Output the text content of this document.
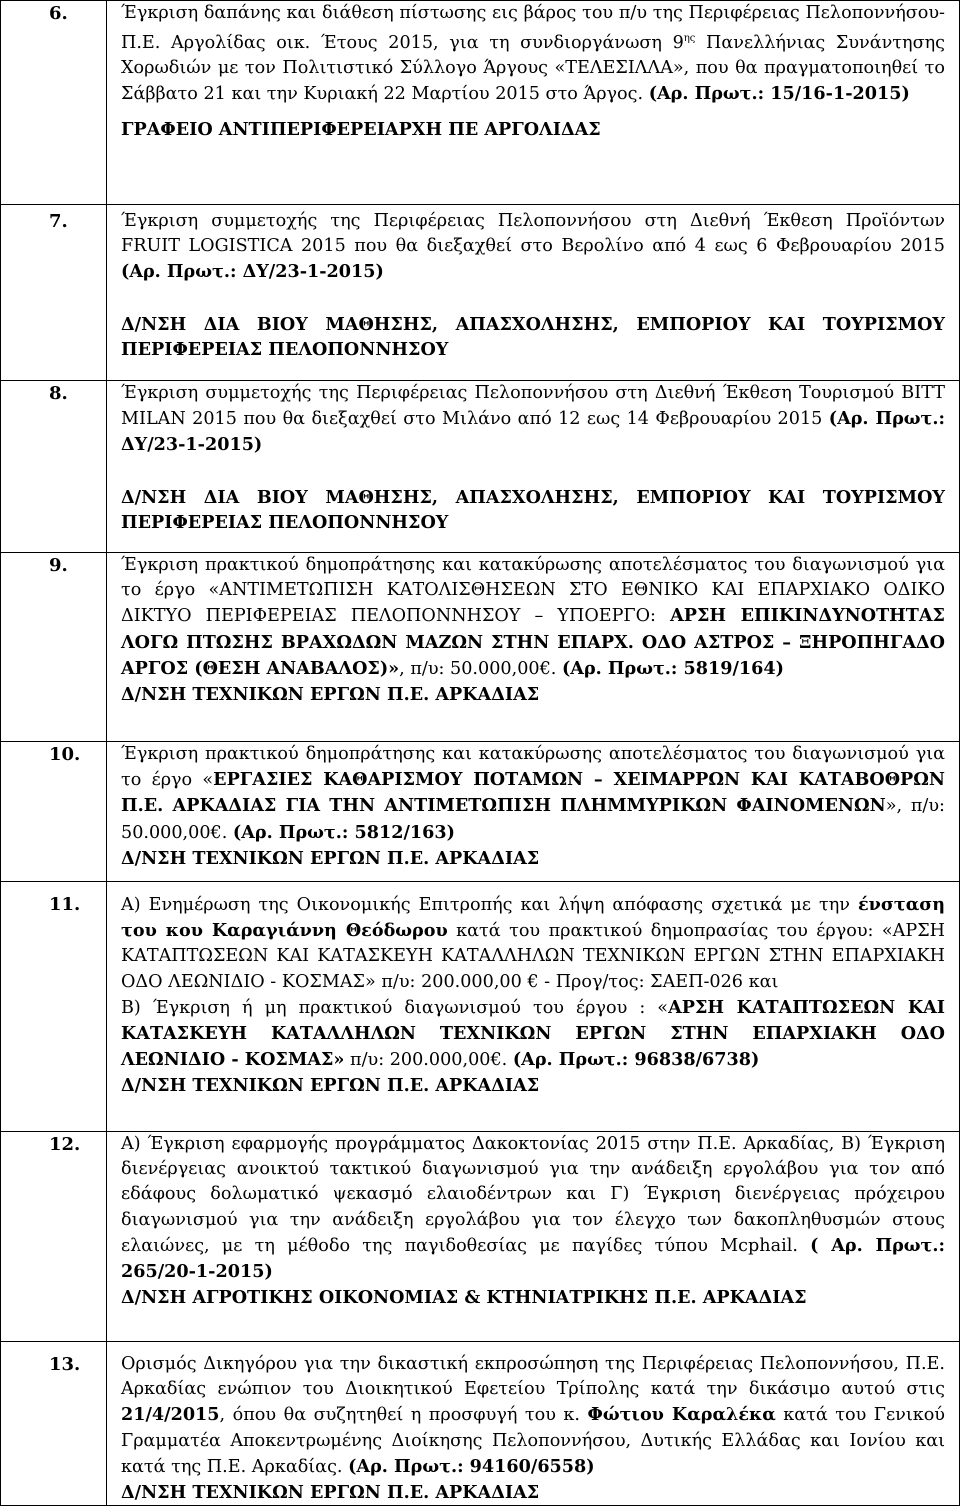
6.	Έγκριση δαπάνης και διάθεση πίστωσης εις βάρος του π/υ της Περιφέρειας Πελοποννήσου-Π.Ε. Αργολίδας οικ. Έτους 2015, για τη συνδιοργάνωση $9^{\eta\varsigma}$ Πανελλήνιας Συνάντησης Χορωδιών με τον Πολιτιστικό Σύλλογο Άργους «ΤΕΛΕΣΙΛΛΑ», που θα πραγματοποιηθεί το Σάββατο 21 και την Κυριακή 22 Μαρτίου 2015 στο Άργος. (Αρ. Πρωτ.: 15/16-1-2015)
ΓΡΑΦΕΙΟ ΑΝΤΙΠΕΡΙΦΕΡΕΙΑΡΧΗ ΠΕ ΑΡΓΟΛΙΔΑΣ

7.	Έγκριση συμμετοχής της Περιφέρειας Πελοποννήσου στη Διεθνή Έκθεση Προϊόντων FRUIT LOGISTICA 2015 που θα διεξαχθεί στο Βερολίνο από 4 εως 6 Φεβρουαρίου 2015 (Αρ. Πρωτ.: ΔΥ/23-1-2015)
Δ/ΝΣΗ ΔΙΑ ΒΙΟΥ ΜΑΘΗΣΗΣ, ΑΠΑΣΧΟΛΗΣΗΣ, ΕΜΠΟΡΙΟΥ ΚΑΙ ΤΟΥΡΙΣΜΟΥ ΠΕΡΙΦΕΡΕΙΑΣ ΠΕΛΟΠΟΝΝΗΣΟΥ

8.	Έγκριση συμμετοχής της Περιφέρειας Πελοποννήσου στη Διεθνή Έκθεση Τουρισμού BITT MILAN 2015 που θα διεξαχθεί στο Μιλάνο από 12 εως 14 Φεβρουαρίου 2015 (Αρ. Πρωτ.: ΔΥ/23-1-2015)
Δ/ΝΣΗ ΔΙΑ ΒΙΟΥ ΜΑΘΗΣΗΣ, ΑΠΑΣΧΟΛΗΣΗΣ, ΕΜΠΟΡΙΟΥ ΚΑΙ ΤΟΥΡΙΣΜΟΥ ΠΕΡΙΦΕΡΕΙΑΣ ΠΕΛΟΠΟΝΝΗΣΟΥ

9.	Έγκριση πρακτικού δημοπράτησης και κατακύρωσης αποτελέσματος του διαγωνισμού για το έργο «ΑΝΤΙΜΕΤΩΠΙΣΗ ΚΑΤΟΛΙΣΘΗΣΕΩΝ ΣΤΟ ΕΘΝΙΚΟ ΚΑΙ ΕΠΑΡΧΙΑΚΟ ΟΔΙΚΟ ΔΙΚΤΥΟ ΠΕΡΙΦΕΡΕΙΑΣ ΠΕΛΟΠΟΝΝΗΣΟΥ – ΥΠΟΕΡΓΟ: ΑΡΣΗ ΕΠΙΚΙΝΔΥΝΟΤΗΤΑΣ ΛΟΓΩ ΠΤΩΣΗΣ ΒΡΑΧΩΔΩΝ ΜΑΖΩΝ ΣΤΗΝ ΕΠΑΡΧ. ΟΔΟ ΑΣΤΡΟΣ – ΞΗΡΟΠΗΓΑΔΟ ΑΡΓΟΣ (ΘΕΣΗ ΑΝΑΒΑΛΟΣ)», π/υ: 50.000,00€. (Αρ. Πρωτ.: 5819/164)
Δ/ΝΣΗ ΤΕΧΝΙΚΩΝ ΕΡΓΩΝ Π.Ε. ΑΡΚΑΔΙΑΣ

10.	Έγκριση πρακτικού δημοπράτησης και κατακύρωσης αποτελέσματος του διαγωνισμού για το έργο «ΕΡΓΑΣΙΕΣ ΚΑΘΑΡΙΣΜΟΥ ΠΟΤΑΜΩΝ – ΧΕΙΜΑΡΡΩΝ ΚΑΙ ΚΑΤΑΒΟΘΡΩΝ Π.Ε. ΑΡΚΑΔΙΑΣ ΓΙΑ ΤΗΝ ΑΝΤΙΜΕΤΩΠΙΣΗ ΠΛΗΜΜΥΡΙΚΩΝ ΦΑΙΝΟΜΕΝΩΝ», π/υ: 50.000,00€. (Αρ. Πρωτ.: 5812/163)
Δ/ΝΣΗ ΤΕΧΝΙΚΩΝ ΕΡΓΩΝ Π.Ε. ΑΡΚΑΔΙΑΣ

11.	Α) Ενημέρωση της Οικονομικής Επιτροπής και λήψη απόφασης σχετικά με την ένσταση του κου Καραγιάννη Θεόδωρου κατά του πρακτικού δημοπρασίας του έργου: «ΑΡΣΗ ΚΑΤΑΠΤΩΣΕΩΝ ΚΑΙ ΚΑΤΑΣΚΕΥΗ ΚΑΤΑΛΛΗΛΩΝ ΤΕΧΝΙΚΩΝ ΕΡΓΩΝ ΣΤΗΝ ΕΠΑΡΧΙΑΚΗ ΟΔΟ ΛΕΩΝΙΔΙΟ - ΚΟΣΜΑΣ» π/υ: 200.000,00 € - Προγ/τος: ΣΑΕΠ-026 και
Β) Έγκριση ή μη πρακτικού διαγωνισμού του έργου : «ΑΡΣΗ ΚΑΤΑΠΤΩΣΕΩΝ ΚΑΙ ΚΑΤΑΣΚΕΥΗ ΚΑΤΑΛΛΗΛΩΝ ΤΕΧΝΙΚΩΝ ΕΡΓΩΝ ΣΤΗΝ ΕΠΑΡΧΙΑΚΗ ΟΔΟ ΛΕΩΝΙΔΙΟ - ΚΟΣΜΑΣ» π/υ: 200.000,00€. (Αρ. Πρωτ.: 96838/6738)
Δ/ΝΣΗ ΤΕΧΝΙΚΩΝ ΕΡΓΩΝ Π.Ε. ΑΡΚΑΔΙΑΣ

12.	Α) Έγκριση εφαρμογής προγράμματος Δακοκτονίας 2015 στην Π.Ε. Αρκαδίας, Β) Έγκριση διενέργειας ανοικτού τακτικού διαγωνισμού για την ανάδειξη εργολάβου για τον από εδάφους δολωματικό ψεκασμό ελαιοδέντρων και Γ) Έγκριση διενέργειας πρόχειρου διαγωνισμού για την ανάδειξη εργολάβου για τον έλεγχο των δακοπληθυσμών στους ελαιώνες, με τη μέθοδο της παγιδοθεσίας με παγίδες τύπου Mcphail. ( Αρ. Πρωτ.: 265/20-1-2015)
Δ/ΝΣΗ ΑΓΡΟΤΙΚΗΣ ΟΙΚΟΝΟΜΙΑΣ & ΚΤΗΝΙΑΤΡΙΚΗΣ Π.Ε. ΑΡΚΑΔΙΑΣ

13.	Ορισμός Δικηγόρου για την δικαστική εκπροσώπηση της Περιφέρειας Πελοποννήσου, Π.Ε. Αρκαδίας ενώπιον του Διοικητικού Εφετείου Τρίπολης κατά την δικάσιμο αυτού στις 21/4/2015, όπου θα συζητηθεί η προσφυγή του κ. Φώτιου Καραλέκα κατά του Γενικού Γραμματέα Αποκεντρωμένης Διοίκησης Πελοποννήσου, Δυτικής Ελλάδας και Ιονίου και κατά της Π.Ε. Αρκαδίας. (Αρ. Πρωτ.: 94160/6558)
Δ/ΝΣΗ ΤΕΧΝΙΚΩΝ ΕΡΓΩΝ Π.Ε. ΑΡΚΑΔΙΑΣ
